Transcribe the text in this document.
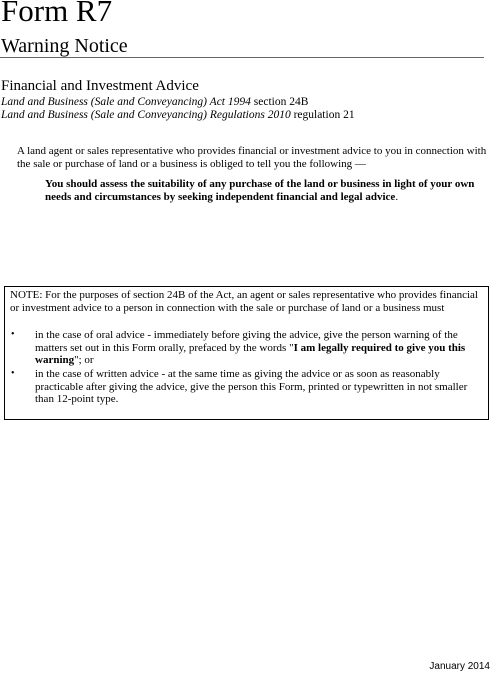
Form R7
Warning Notice
Financial and Investment Advice
Land and Business (Sale and Conveyancing) Act 1994 section 24B
Land and Business (Sale and Conveyancing) Regulations 2010 regulation 21
A land agent or sales representative who provides financial or investment advice to you in connection with the sale or purchase of land or a business is obliged to tell you the following —
You should assess the suitability of any purchase of the land or business in light of your own needs and circumstances by seeking independent financial and legal advice.
NOTE: For the purposes of section 24B of the Act, an agent or sales representative who provides financial or investment advice to a person in connection with the sale or purchase of land or a business must
• in the case of oral advice - immediately before giving the advice, give the person warning of the matters set out in this Form orally, prefaced by the words "I am legally required to give you this warning"; or
• in the case of written advice - at the same time as giving the advice or as soon as reasonably practicable after giving the advice, give the person this Form, printed or typewritten in not smaller than 12-point type.
January 2014
